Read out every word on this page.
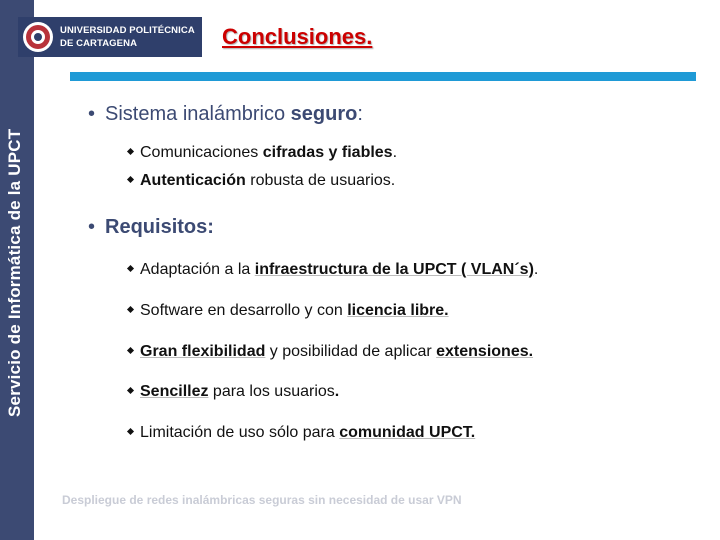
Servicio de Informática de la UPCT
UNIVERSIDAD POLITÉCNICA
DE CARTAGENA	Conclusiones.
• Sistema inalámbrico seguro:
Comunicaciones cifradas y fiables.
Autenticación robusta de usuarios.
• Requisitos:
Adaptación a la infraestructura de la UPCT ( VLAN´s).
Software en desarrollo y con licencia libre.
Gran flexibilidad y posibilidad de aplicar extensiones.
Sencillez para los usuarios.
Limitación de uso sólo para comunidad UPCT.
Despliegue de redes inalámbricas seguras sin necesidad de usar VPN
